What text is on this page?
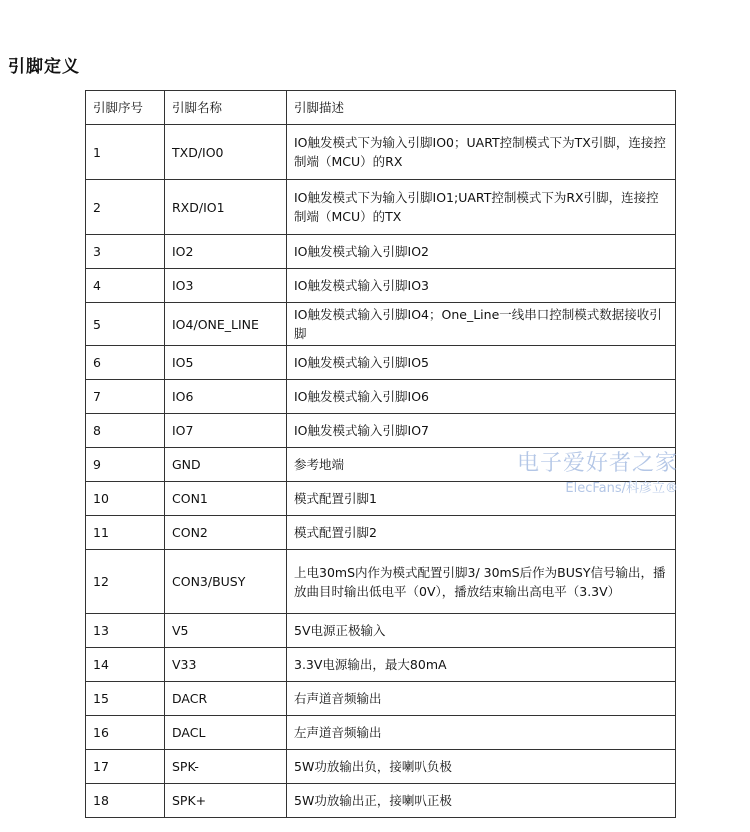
引脚定义
引脚序号	引脚名称	引脚描述
1	TXD/IO0	IO触发模式下为输入引脚IO0；UART控制模式下为TX引脚，连接控制端（MCU）的RX
2	RXD/IO1	IO触发模式下为输入引脚IO1;UART控制模式下为RX引脚，连接控制端（MCU）的TX
3	IO2	IO触发模式输入引脚IO2
4	IO3	IO触发模式输入引脚IO3
5	IO4/ONE_LINE	IO触发模式输入引脚IO4；One_Line一线串口控制模式数据接收引脚
6	IO5	IO触发模式输入引脚IO5
7	IO6	IO触发模式输入引脚IO6
8	IO7	IO触发模式输入引脚IO7
9	GND	参考地端
10	CON1	模式配置引脚1
11	CON2	模式配置引脚2
12	CON3/BUSY	上电30mS内作为模式配置引脚3/ 30mS后作为BUSY信号输出，播放曲目时输出低电平（0V），播放结束输出高电平（3.3V）
13	V5	5V电源正极输入
14	V33	3.3V电源输出，最大80mA
15	DACR	右声道音频输出
16	DACL	左声道音频输出
17	SPK-	5W功放输出负，接喇叭负极
18	SPK+	5W功放输出正，接喇叭正极
电子爱好者之家
ElecFans/科彦立®
